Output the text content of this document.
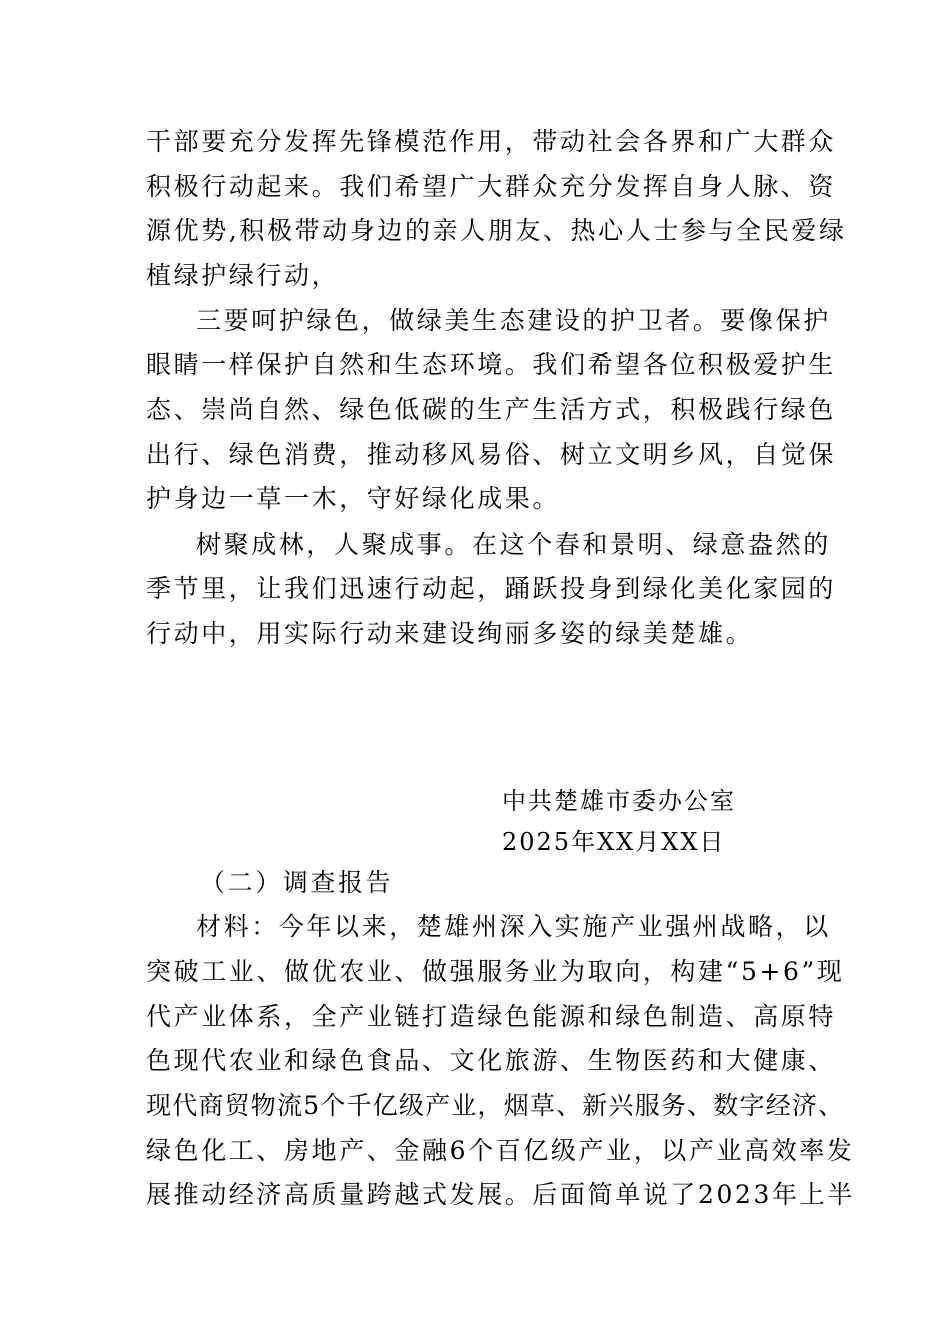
干部要充分发挥先锋模范作用，带动社会各界和广大群众
积极行动起来。我们希望广大群众充分发挥自身人脉、资
源优势,积极带动身边的亲人朋友、热心人士参与全民爱绿
植绿护绿行动，
三要呵护绿色，做绿美生态建设的护卫者。要像保护
眼睛一样保护自然和生态环境。我们希望各位积极爱护生
态、崇尚自然、绿色低碳的生产生活方式，积极践行绿色
出行、绿色消费，推动移风易俗、树立文明乡风，自觉保
护身边一草一木，守好绿化成果。
树聚成林，人聚成事。在这个春和景明、绿意盎然的
季节里，让我们迅速行动起，踊跃投身到绿化美化家园的
行动中，用实际行动来建设绚丽多姿的绿美楚雄。
中共楚雄市委办公室
2025年XX月XX日
（二）调查报告
材料：今年以来，楚雄州深入实施产业强州战略，以
突破工业、做优农业、做强服务业为取向，构建“5+6”现
代产业体系，全产业链打造绿色能源和绿色制造、高原特
色现代农业和绿色食品、文化旅游、生物医药和大健康、
现代商贸物流5个千亿级产业，烟草、新兴服务、数字经济、
绿色化工、房地产、金融6个百亿级产业，以产业高效率发
展推动经济高质量跨越式发展。后面简单说了2023年上半
